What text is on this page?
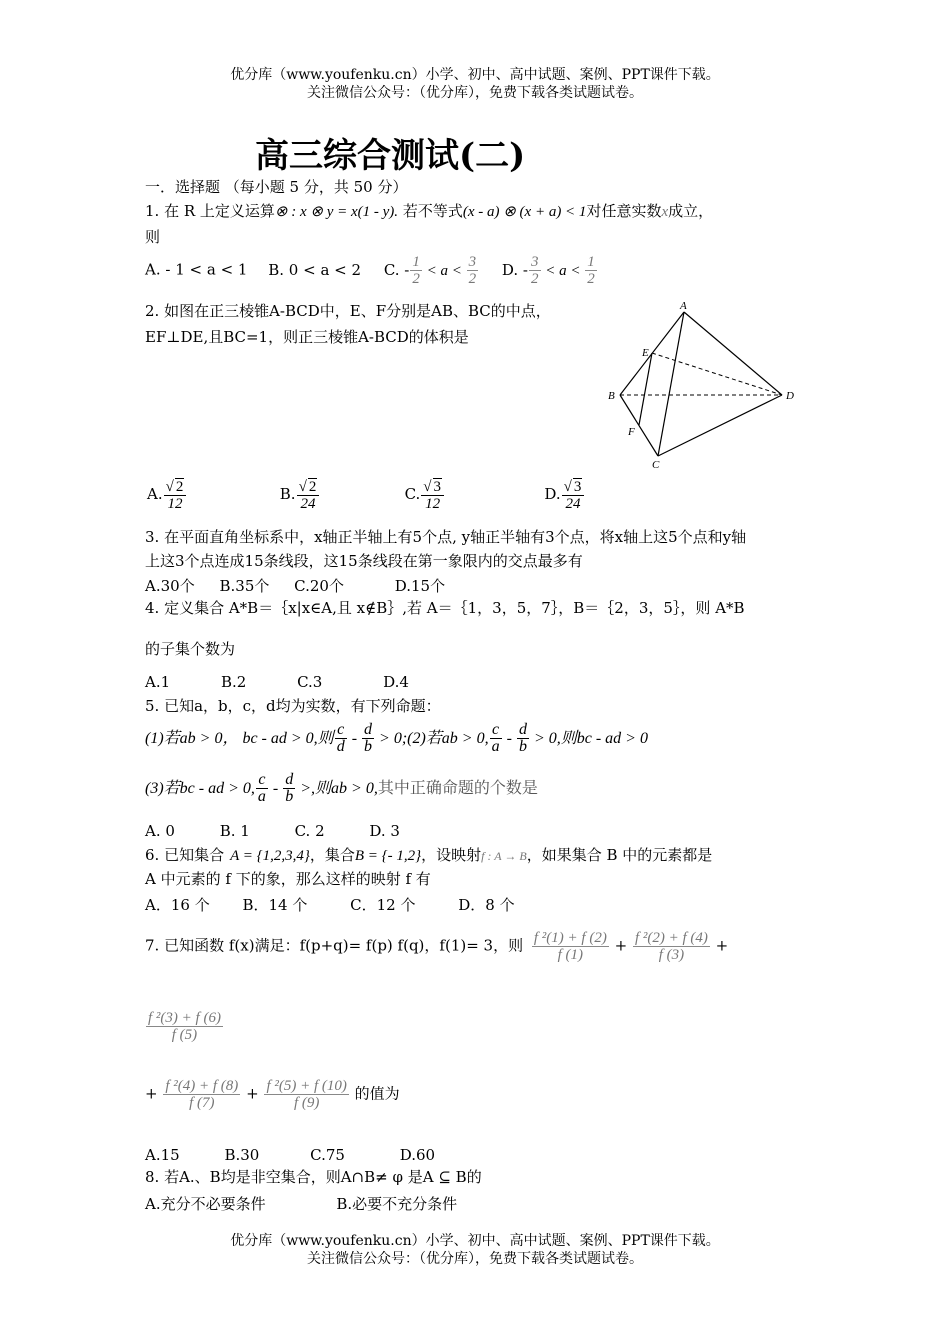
优分库（www.youfenku.cn）小学、初中、高中试题、案例、PPT课件下载。
关注微信公众号：（优分库），免费下载各类试题试卷。
高三综合测试(二)
一．选择题 （每小题 5 分，共 50 分）
1. 在 R 上定义运算⊗ : x ⊗ y = x(1 - y). 若不等式(x - a) ⊗ (x + a) < 1对任意实数x成立，
则
A. - 1 < a < 1 B. 0 < a < 2 C. - $\frac{1}{2} < a < \frac{3}{2} D$. - $\frac{3}{2} < a < \frac{1}{2}$
2. 如图在正三棱锥A-BCD中，E、F分别是AB、BC的中点，
EF⊥DE,且BC=1，则正三棱锥A-BCD的体积是
A
B
C
D
E
F
A. $\frac{√ 2}{12}$	B. $\frac{√ 2}{24}$	C. $\frac{√ 3}{12}$	D. $\frac{√ 3}{24}$
3. 在平面直角坐标系中，x轴正半轴上有5个点, y轴正半轴有3个点，将x轴上这5个点和y轴
上这3个点连成15条线段，这15条线段在第一象限内的交点最多有
A.30个 B.35个 C.20个	D.15个
4. 定义集合 A*B＝｛x|x∈A,且 x∉B｝,若 A＝｛1，3，5，7｝，B＝｛2，3，5｝，则 A*B
的子集个数为
A.1	B.2	C.3	D.4
5. 已知a，b，c，d均为实数，有下列命题：
(1)若ab > 0， bc - ad > 0,则 $\frac{c}{d} - \frac{d}{b}$ > 0;(2)若ab > 0, $\frac{c}{a} - \frac{d}{b} > 0$,则bc - ad > 0
(3)若bc - ad > 0, $\frac{c}{a} - \frac{d}{b}$ >,则ab > 0,其中正确命题的个数是
A. 0	B. 1	C. 2	D. 3
6. 已知集合 A = {1,2,3,4}，集合B = {- 1,2}，设映射f : A → B，如果集合 B 中的元素都是
A 中元素的 f 下的象，那么这样的映射 f 有
A．16 个 B．14 个	C．12 个	D．8 个
7. 已知函数 f(x)满足：f(p+q)= f(p) f(q)，f(1)= 3，则 $\frac{\text{f ²(1) + f (2)}}{f (1)} + \frac{\text{f ²(2) + f (4)}}{f (3)}$ +
$\frac{\text{f ²(3) + f (6)}}{f (5)}$
+ $\frac{\text{f ²(4) + f (8)}}{f (7)} + \frac{\text{f ²(5) + f (10)}}{f (9)}$ 的值为
A.15	B.30	C.75	D.60
8. 若A.、B均是非空集合，则A∩B≠ φ 是A ⊆ B的
A.充分不必要条件	B.必要不充分条件
优分库（www.youfenku.cn）小学、初中、高中试题、案例、PPT课件下载。
关注微信公众号：（优分库），免费下载各类试题试卷。
